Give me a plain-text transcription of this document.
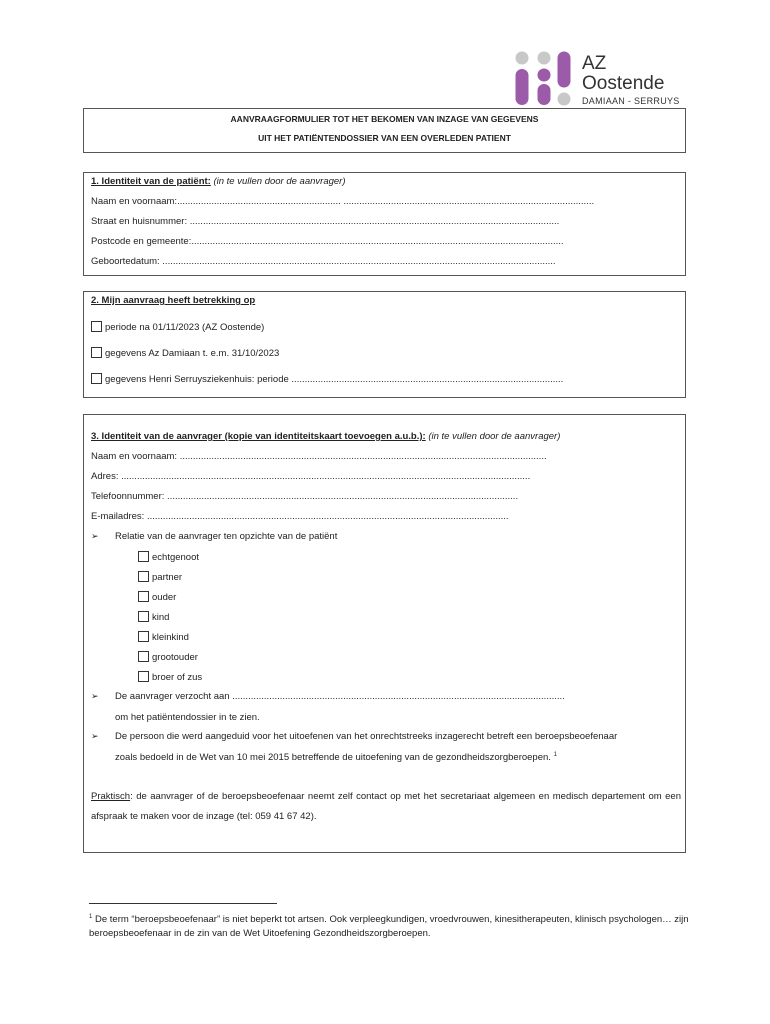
AZ
Oostende
DAMIAAN - SERRUYS
AANVRAAGFORMULIER TOT HET BEKOMEN VAN INZAGE VAN GEGEVENS
UIT HET PATIËNTENDOSSIER VAN EEN OVERLEDEN PATIENT
1. Identiteit van de patiënt: (in te vullen door de aanvrager)
Naam en voornaam:.............................................................. ...............................................................................................
Straat en huisnummer: ............................................................................................................................................
Postcode en gemeente:.............................................................................................................................................
Geboortedatum: .....................................................................................................................................................
2. Mijn aanvraag heeft betrekking op
periode na 01/11/2023 (AZ Oostende)
gegevens Az Damiaan t. e.m. 31/10/2023
gegevens Henri Serruysziekenhuis: periode .......................................................................................................
3. Identiteit van de aanvrager (kopie van identiteitskaart toevoegen a.u.b.): (in te vullen door de aanvrager)
Naam en voornaam: ...........................................................................................................................................
Adres: ...........................................................................................................................................................
Telefoonnummer: .....................................................................................................................................
E-mailadres: .........................................................................................................................................
➢ Relatie van de aanvrager ten opzichte van de patiënt
echtgenoot
partner
ouder
kind
kleinkind
grootouder
broer of zus
➢ De aanvrager verzocht aan ..............................................................................................................................
om het patiëntendossier in te zien.
➢ De persoon die werd aangeduid voor het uitoefenen van het onrechtstreeks inzagerecht betreft een beroepsbeoefenaar
zoals bedoeld in de Wet van 10 mei 2015 betreffende de uitoefening van de gezondheidszorgberoepen. $^1$
Praktisch: de aanvrager of de beroepsbeoefenaar neemt zelf contact op met het secretariaat algemeen en medisch departement om een afspraak te maken voor de inzage (tel: 059 41 67 42).
$^1$ De term “beroepsbeoefenaar” is niet beperkt tot artsen. Ook verpleegkundigen, vroedvrouwen, kinesitherapeuten, klinisch psychologen… zijn beroepsbeoefenaar in de zin van de Wet Uitoefening Gezondheidszorgberoepen.
